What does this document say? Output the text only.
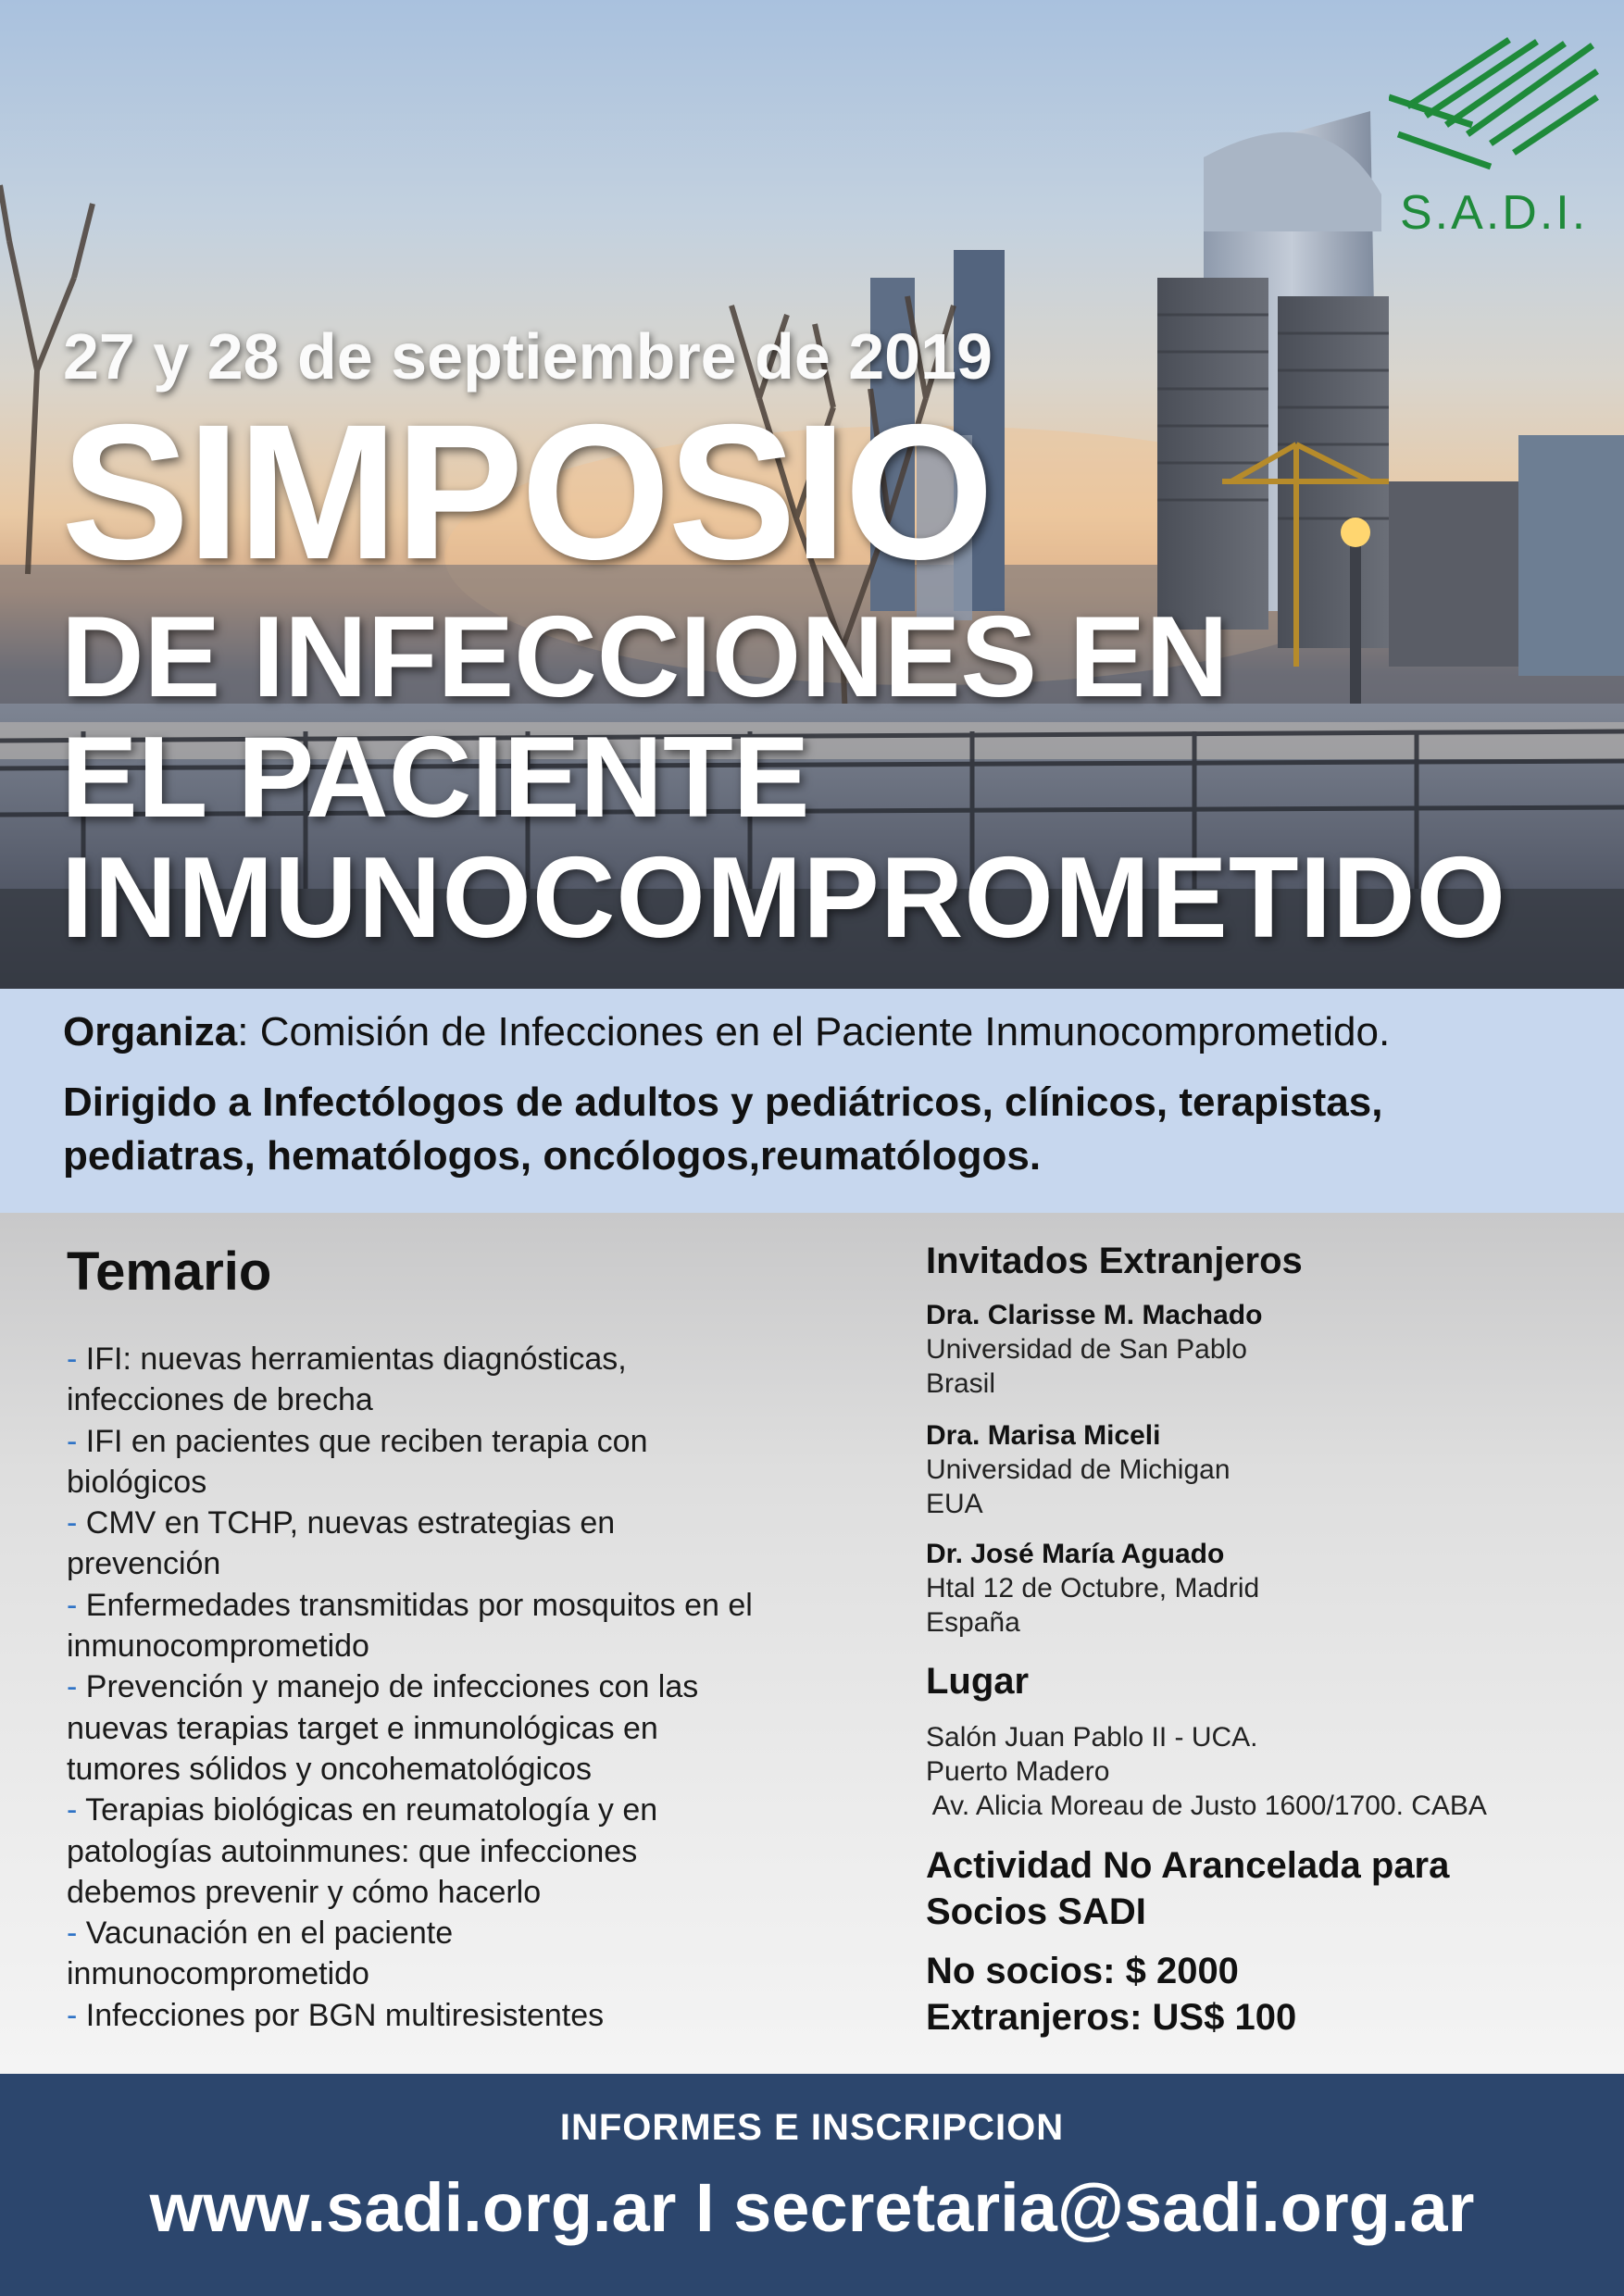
27 y 28 de septiembre de 2019
SIMPOSIO
DE INFECCIONES EN
EL PACIENTE
INMUNOCOMPROMETIDO
S.A.D.I.
Organiza: Comisión de Infecciones en el Paciente Inmunocomprometido.
Dirigido a Infectólogos de adultos y pediátricos, clínicos, terapistas,
pediatras, hematólogos, oncólogos,reumatólogos.
Temario
- IFI: nuevas herramientas diagnósticas,
infecciones de brecha
- IFI en pacientes que reciben terapia con
biológicos
- CMV en TCHP, nuevas estrategias en
prevención
- Enfermedades transmitidas por mosquitos en el
inmunocomprometido
- Prevención y manejo de infecciones con las
nuevas terapias target e inmunológicas en
tumores sólidos y oncohematológicos
- Terapias biológicas en reumatología y en
patologías autoinmunes: que infecciones
debemos prevenir y cómo hacerlo
- Vacunación en el paciente
inmunocomprometido
- Infecciones por BGN multiresistentes
Invitados Extranjeros
Dra. Clarisse M. Machado
Universidad de San Pablo
Brasil
Dra. Marisa Miceli
Universidad de Michigan
EUA
Dr. José María Aguado
Htal 12 de Octubre, Madrid
España
Lugar
Salón Juan Pablo II - UCA.
Puerto Madero
Av. Alicia Moreau de Justo 1600/1700. CABA
Actividad No Arancelada para
Socios SADI
No socios: $ 2000
Extranjeros: US$ 100
INFORMES E INSCRIPCION
www.sadi.org.ar I secretaria@sadi.org.ar
